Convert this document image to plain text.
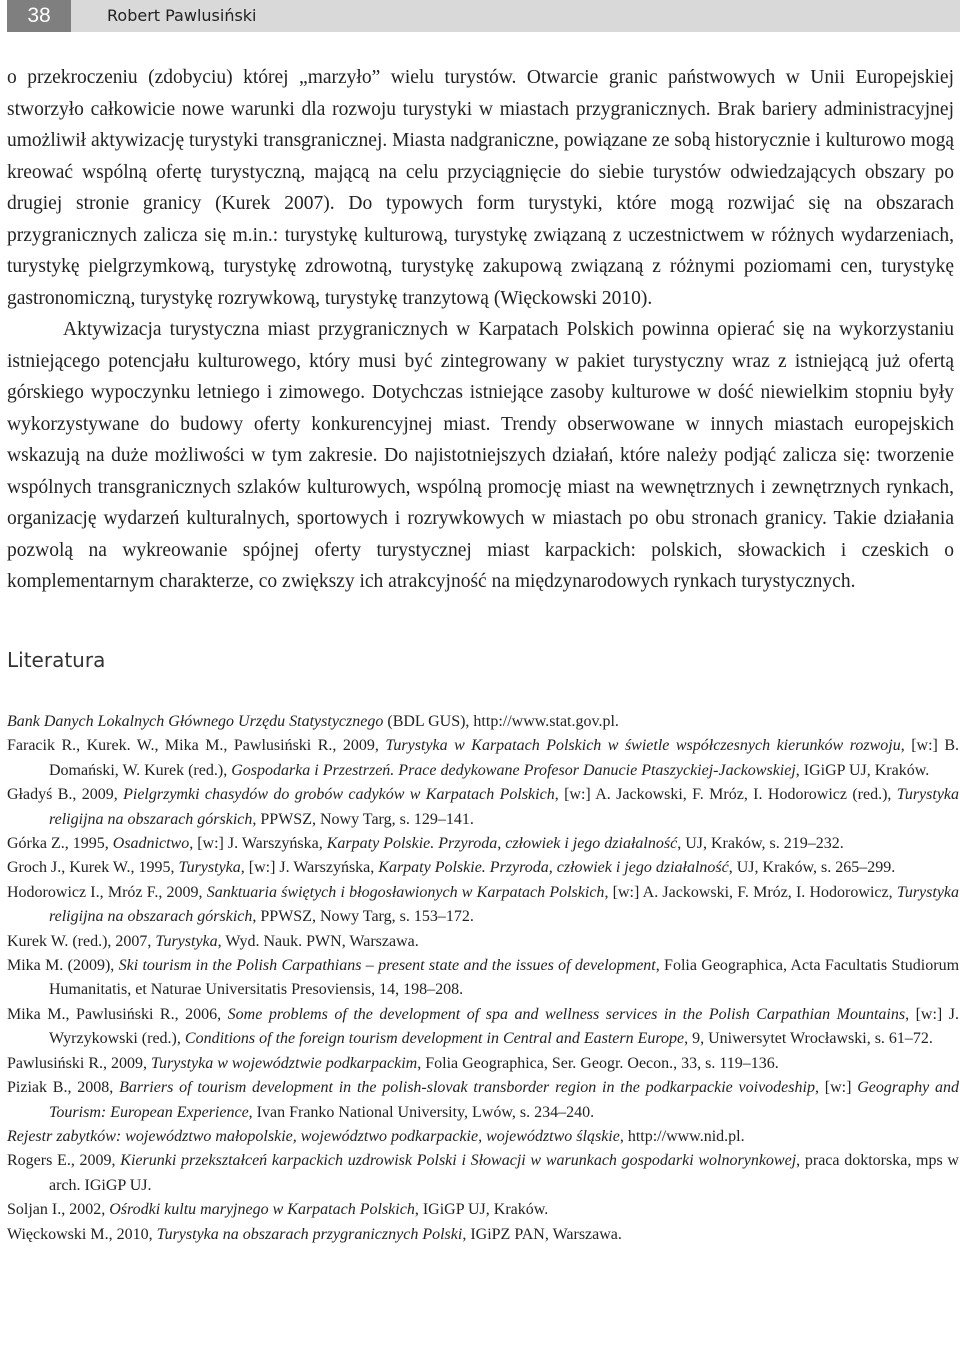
38	Robert Pawlusiński

o przekroczeniu (zdobyciu) której „marzyło” wielu turystów. Otwarcie granic państwowych w Unii Europejskiej stworzyło całkowicie nowe warunki dla rozwoju turystyki w miastach przygranicznych. Brak bariery administracyjnej umożliwił aktywizację turystyki transgranicznej. Miasta nadgraniczne, powiązane ze sobą historycznie i kulturowo mogą kreować wspólną ofertę turystyczną, mającą na celu przyciągnięcie do siebie turystów odwiedzających obszary po drugiej stronie granicy (Kurek 2007). Do typowych form turystyki, które mogą rozwijać się na obszarach przygranicznych zalicza się m.in.: turystykę kulturową, turystykę związaną z uczestnictwem w różnych wydarzeniach, turystykę pielgrzymkową, turystykę zdrowotną, turystykę zakupową związaną z różnymi poziomami cen, turystykę gastronomiczną, turystykę rozrywkową, turystykę tranzytową (Więckowski 2010).

Aktywizacja turystyczna miast przygranicznych w Karpatach Polskich powinna opierać się na wykorzystaniu istniejącego potencjału kulturowego, który musi być zintegrowany w pakiet turystyczny wraz z istniejącą już ofertą górskiego wypoczynku letniego i zimowego. Dotychczas istniejące zasoby kulturowe w dość niewielkim stopniu były wykorzystywane do budowy oferty konkurencyjnej miast. Trendy obserwowane w innych miastach europejskich wskazują na duże możliwości w tym zakresie. Do najistotniejszych działań, które należy podjąć zalicza się: tworzenie wspólnych transgranicznych szlaków kulturowych, wspólną promocję miast na wewnętrznych i zewnętrznych rynkach, organizację wydarzeń kulturalnych, sportowych i rozrywkowych w miastach po obu stronach granicy. Takie działania pozwolą na wykreowanie spójnej oferty turystycznej miast karpackich: polskich, słowackich i czeskich o komplementarnym charakterze, co zwiększy ich atrakcyjność na międzynarodowych rynkach turystycznych.

Literatura

Bank Danych Lokalnych Głównego Urzędu Statystycznego (BDL GUS), http://www.stat.gov.pl.

Faracik R., Kurek. W., Mika M., Pawlusiński R., 2009, Turystyka w Karpatach Polskich w świetle współczesnych kierunków rozwoju, [w:] B. Domański, W. Kurek (red.), Gospodarka i Przestrzeń. Prace dedykowane Profesor Danucie Ptaszyckiej-Jackowskiej, IGiGP UJ, Kraków.

Gładyś B., 2009, Pielgrzymki chasydów do grobów cadyków w Karpatach Polskich, [w:] A. Jackowski, F. Mróz, I. Hodorowicz (red.), Turystyka religijna na obszarach górskich, PPWSZ, Nowy Targ, s. 129–141.

Górka Z., 1995, Osadnictwo, [w:] J. Warszyńska, Karpaty Polskie. Przyroda, człowiek i jego działalność, UJ, Kraków, s. 219–232.

Groch J., Kurek W., 1995, Turystyka, [w:] J. Warszyńska, Karpaty Polskie. Przyroda, człowiek i jego działalność, UJ, Kraków, s. 265–299.

Hodorowicz I., Mróz F., 2009, Sanktuaria świętych i błogosławionych w Karpatach Polskich, [w:] A. Jackowski, F. Mróz, I. Hodorowicz, Turystyka religijna na obszarach górskich, PPWSZ, Nowy Targ, s. 153–172.

Kurek W. (red.), 2007, Turystyka, Wyd. Nauk. PWN, Warszawa.

Mika M. (2009), Ski tourism in the Polish Carpathians – present state and the issues of development, Folia Geographica, Acta Facultatis Studiorum Humanitatis, et Naturae Universitatis Presoviensis, 14, 198–208.

Mika M., Pawlusiński R., 2006, Some problems of the development of spa and wellness services in the Polish Carpathian Mountains, [w:] J. Wyrzykowski (red.), Conditions of the foreign tourism development in Central and Eastern Europe, 9, Uniwersytet Wrocławski, s. 61–72.

Pawlusiński R., 2009, Turystyka w województwie podkarpackim, Folia Geographica, Ser. Geogr. Oecon., 33, s. 119–136.

Piziak B., 2008, Barriers of tourism development in the polish-slovak transborder region in the podkarpackie voivodeship, [w:] Geography and Tourism: European Experience, Ivan Franko National University, Lwów, s. 234–240.

Rejestr zabytków: województwo małopolskie, województwo podkarpackie, województwo śląskie, http://www.nid.pl.

Rogers E., 2009, Kierunki przekształceń karpackich uzdrowisk Polski i Słowacji w warunkach gospodarki wolnorynkowej, praca doktorska, mps w arch. IGiGP UJ.

Soljan I., 2002, Ośrodki kultu maryjnego w Karpatach Polskich, IGiGP UJ, Kraków.

Więckowski M., 2010, Turystyka na obszarach przygranicznych Polski, IGiPZ PAN, Warszawa.
